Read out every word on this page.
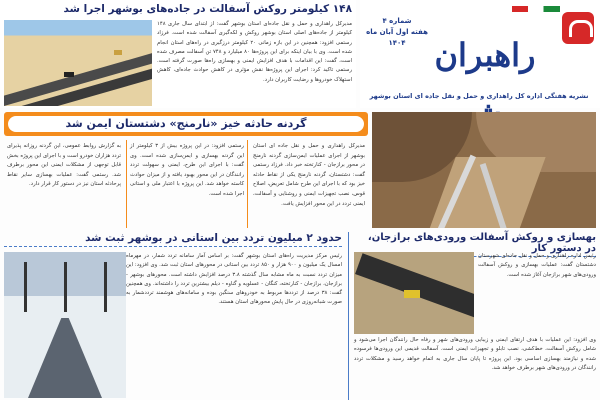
شماره ۴
هفته اول آبان ماه ۱۴۰۴ راهبران
نشریه هفتگی اداره کل راهداری و حمل و نقل جاده ای استان بوشهر
۱۴۸ کیلومتر روکش آسفالت در جاده‌های بوشهر اجرا شد
مدیرکل راهداری و حمل و نقل جاده‌ای استان بوشهر گفت: از ابتدای سال جاری ۱۴۸ کیلومتر از جاده‌های اصلی استان بوشهر روکش و لکه‌گیری آسفالت شده است. فرزاد رستمی افزود: همچنین در این بازه زمانی ۲۰ کیلومتر درزگیری در راه‌های استان انجام شده است. وی با بیان اینکه برای این پروژه‌ها ۸۰ میلیارد و ۷۴۸ تن آسفالت مصرف شده است، گفت: این اقدامات با هدف افزایش ایمنی و بهسازی راه‌ها صورت گرفته است. رستمی تاکید کرد: اجرای این پروژه‌ها نقش مؤثری در کاهش حوادث جاده‌ای، کاهش استهلاک خودروها و رضایت کاربران دارد.
گردنه حادثه خیز «نارمنج» دشتستان ایمن شد
مدیرکل راهداری و حمل و نقل جاده ای استان بوشهر از اجرای عملیات ایمن‌سازی گردنه نارمنج در محور برازجان - کنارتخته خبر داد. فرزاد رستمی گفت: دشتستان، گردنه نارمنج یکی از نقاط حادثه خیز بود که با اجرای این طرح شامل تعریض، اصلاح قوس، نصب تجهیزات ایمنی و روشنایی و آسفالت، ایمنی تردد در این محور افزایش یافت.
رستمی افزود: در این پروژه بیش از ۳ کیلومتر از این گردنه بهسازی و ایمن‌سازی شده است. وی گفت: با اجرای این طرح، ایمنی و سهولت تردد رانندگان در این محور بهبود یافته و از میزان حوادث کاسته خواهد شد. این پروژه با اعتبار ملی و استانی اجرا شده است.
به گزارش روابط عمومی، این گردنه روزانه پذیرای تردد هزاران خودرو است و با اجرای این پروژه بخش قابل توجهی از مشکلات ایمنی این محور برطرف شد. رستمی گفت: عملیات بهسازی سایر نقاط پرحادثه استان نیز در دستور کار قرار دارد.
حدود ۲ میلیون تردد بین استانی در بوشهر ثبت شد
رئیس مرکز مدیریت راه‌های استان بوشهر گفت: بر اساس آمار سامانه تردد شمار، در مهرماه امسال یک میلیون و ۹۰۰ هزار و ۸۵۰ تردد بین استانی در محورهای استان ثبت شد. وی افزود: این میزان تردد نسبت به ماه مشابه سال گذشته ۳.۸ درصد افزایش داشته است. محورهای بوشهر - برازجان، برازجان - کنارتخته، کنگان - عسلویه و گناوه - دیلم بیشترین تردد را داشته‌اند. وی همچنین گفت: ۳۸ درصد از ترددها مربوط به خودروهای سنگین بوده و سامانه‌های هوشمند ترددشمار به صورت شبانه‌روزی در حال پایش محورهای استان هستند.
بهسازی و روکش آسفالت ورودی‌های برازجان، در دستور کار
رئیس اداره راهداری و حمل و نقل جاده‌ای شهرستان دشتستان گفت: عملیات بهسازی و روکش آسفالت ورودی‌های شهر برازجان آغاز شده است.
وی افزود: این عملیات با هدف ارتقای ایمنی و زیبایی ورودی‌های شهر و رفاه حال رانندگان اجرا می‌شود و شامل روکش آسفالت، خط‌کشی، نصب تابلو و تجهیزات ایمنی است. آسفالت قدیمی این ورودی‌ها فرسوده شده و نیازمند بهسازی اساسی بود. این پروژه تا پایان سال جاری به اتمام خواهد رسید و مشکلات تردد رانندگان در ورودی‌های شهر برطرف خواهد شد.
